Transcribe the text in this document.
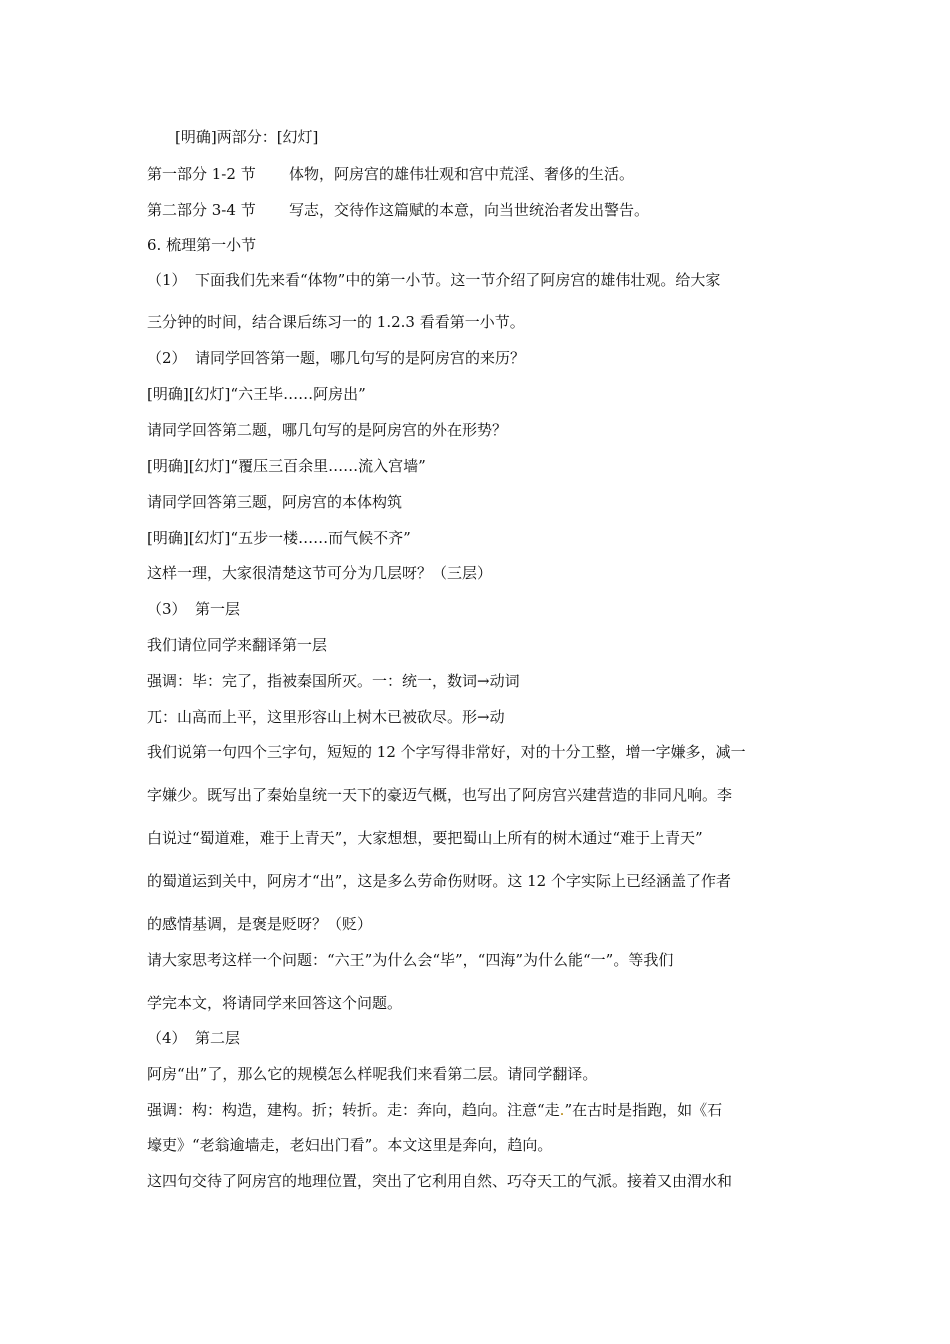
[明确]两部分：[幻灯]
第一部分 1-2 节 体物，阿房宫的雄伟壮观和宫中荒淫、奢侈的生活。
第二部分 3-4 节 写志，交待作这篇赋的本意，向当世统治者发出警告。
6. 梳理第一小节
（1） 下面我们先来看“体物”中的第一小节。这一节介绍了阿房宫的雄伟壮观。给大家
三分钟的时间，结合课后练习一的 1.2.3 看看第一小节。
（2） 请同学回答第一题，哪几句写的是阿房宫的来历？
[明确][幻灯]“六王毕……阿房出”
请同学回答第二题，哪几句写的是阿房宫的外在形势？
[明确][幻灯]“覆压三百余里……流入宫墙”
请同学回答第三题，阿房宫的本体构筑
[明确][幻灯]“五步一楼……而气候不齐”
这样一理，大家很清楚这节可分为几层呀？（三层）
（3） 第一层
我们请位同学来翻译第一层
强调：毕：完了，指被秦国所灭。一：统一，数词→动词
兀：山高而上平，这里形容山上树木已被砍尽。形→动
我们说第一句四个三字句，短短的 12 个字写得非常好，对的十分工整，增一字嫌多，减一
字嫌少。既写出了秦始皇统一天下的豪迈气概，也写出了阿房宫兴建营造的非同凡响。李
白说过“蜀道难，难于上青天”，大家想想，要把蜀山上所有的树木通过“难于上青天”
的蜀道运到关中，阿房才“出”，这是多么劳命伤财呀。这 12 个字实际上已经涵盖了作者
的感情基调，是褒是贬呀？（贬）
请大家思考这样一个问题：“六王”为什么会“毕”，“四海”为什么能“一”。等我们
学完本文，将请同学来回答这个问题。
（4） 第二层
阿房“出”了，那么它的规模怎么样呢我们来看第二层。请同学翻译。
强调：构：构造，建构。折；转折。走：奔向，趋向。注意“走.”在古时是指跑，如《石
壕吏》“老翁逾墙走，老妇出门看”。本文这里是奔向，趋向。
这四句交待了阿房宫的地理位置，突出了它利用自然、巧夺天工的气派。接着又由渭水和
